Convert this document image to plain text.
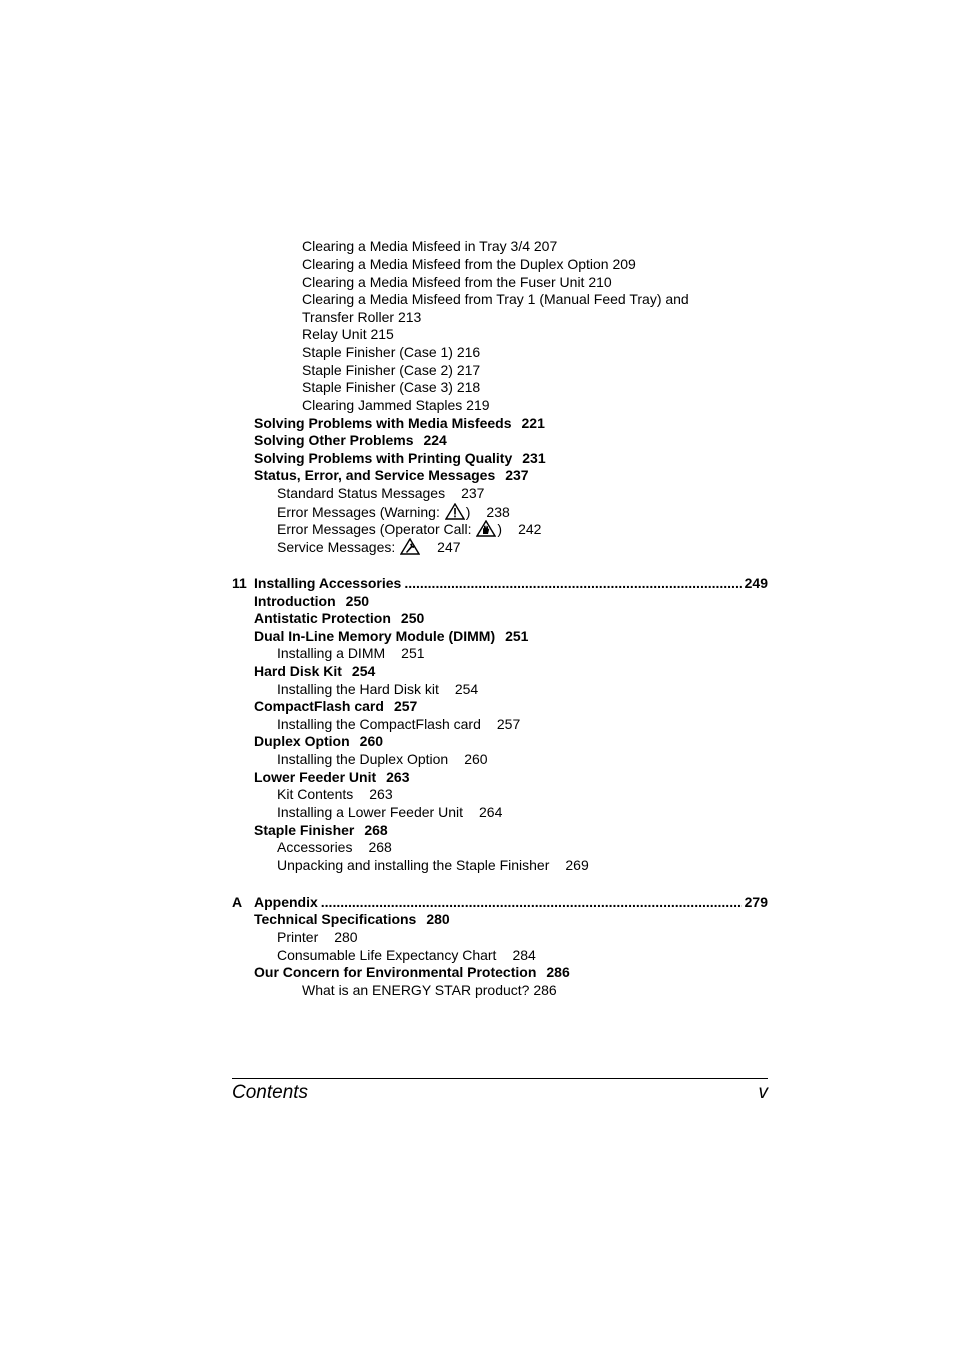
Clearing a Media Misfeed in Tray 3/4 207
Clearing a Media Misfeed from the Duplex Option 209
Clearing a Media Misfeed from the Fuser Unit 210
Clearing a Media Misfeed from Tray 1 (Manual Feed Tray) and
Transfer Roller 213
Relay Unit 215
Staple Finisher (Case 1) 216
Staple Finisher (Case 2) 217
Staple Finisher (Case 3) 218
Clearing Jammed Staples 219
Solving Problems with Media Misfeeds 221
Solving Other Problems 224
Solving Problems with Printing Quality 231
Status, Error, and Service Messages 237
Standard Status Messages 237
Error Messages (Warning: ) 238
Error Messages (Operator Call: ) 242
Service Messages:	247
11 Installing Accessories .....	249
Introduction 250
Antistatic Protection 250
Dual In-Line Memory Module (DIMM) 251
Installing a DIMM 251
Hard Disk Kit 254
Installing the Hard Disk kit 254
CompactFlash card 257
Installing the CompactFlash card 257
Duplex Option 260
Installing the Duplex Option 260
Lower Feeder Unit 263
Kit Contents 263
Installing a Lower Feeder Unit 264
Staple Finisher 268
Accessories 268
Unpacking and installing the Staple Finisher 269
A Appendix .....	279
Technical Specifications 280
Printer 280
Consumable Life Expectancy Chart 284
Our Concern for Environmental Protection 286
What is an ENERGY STAR product? 286
Contents	v
